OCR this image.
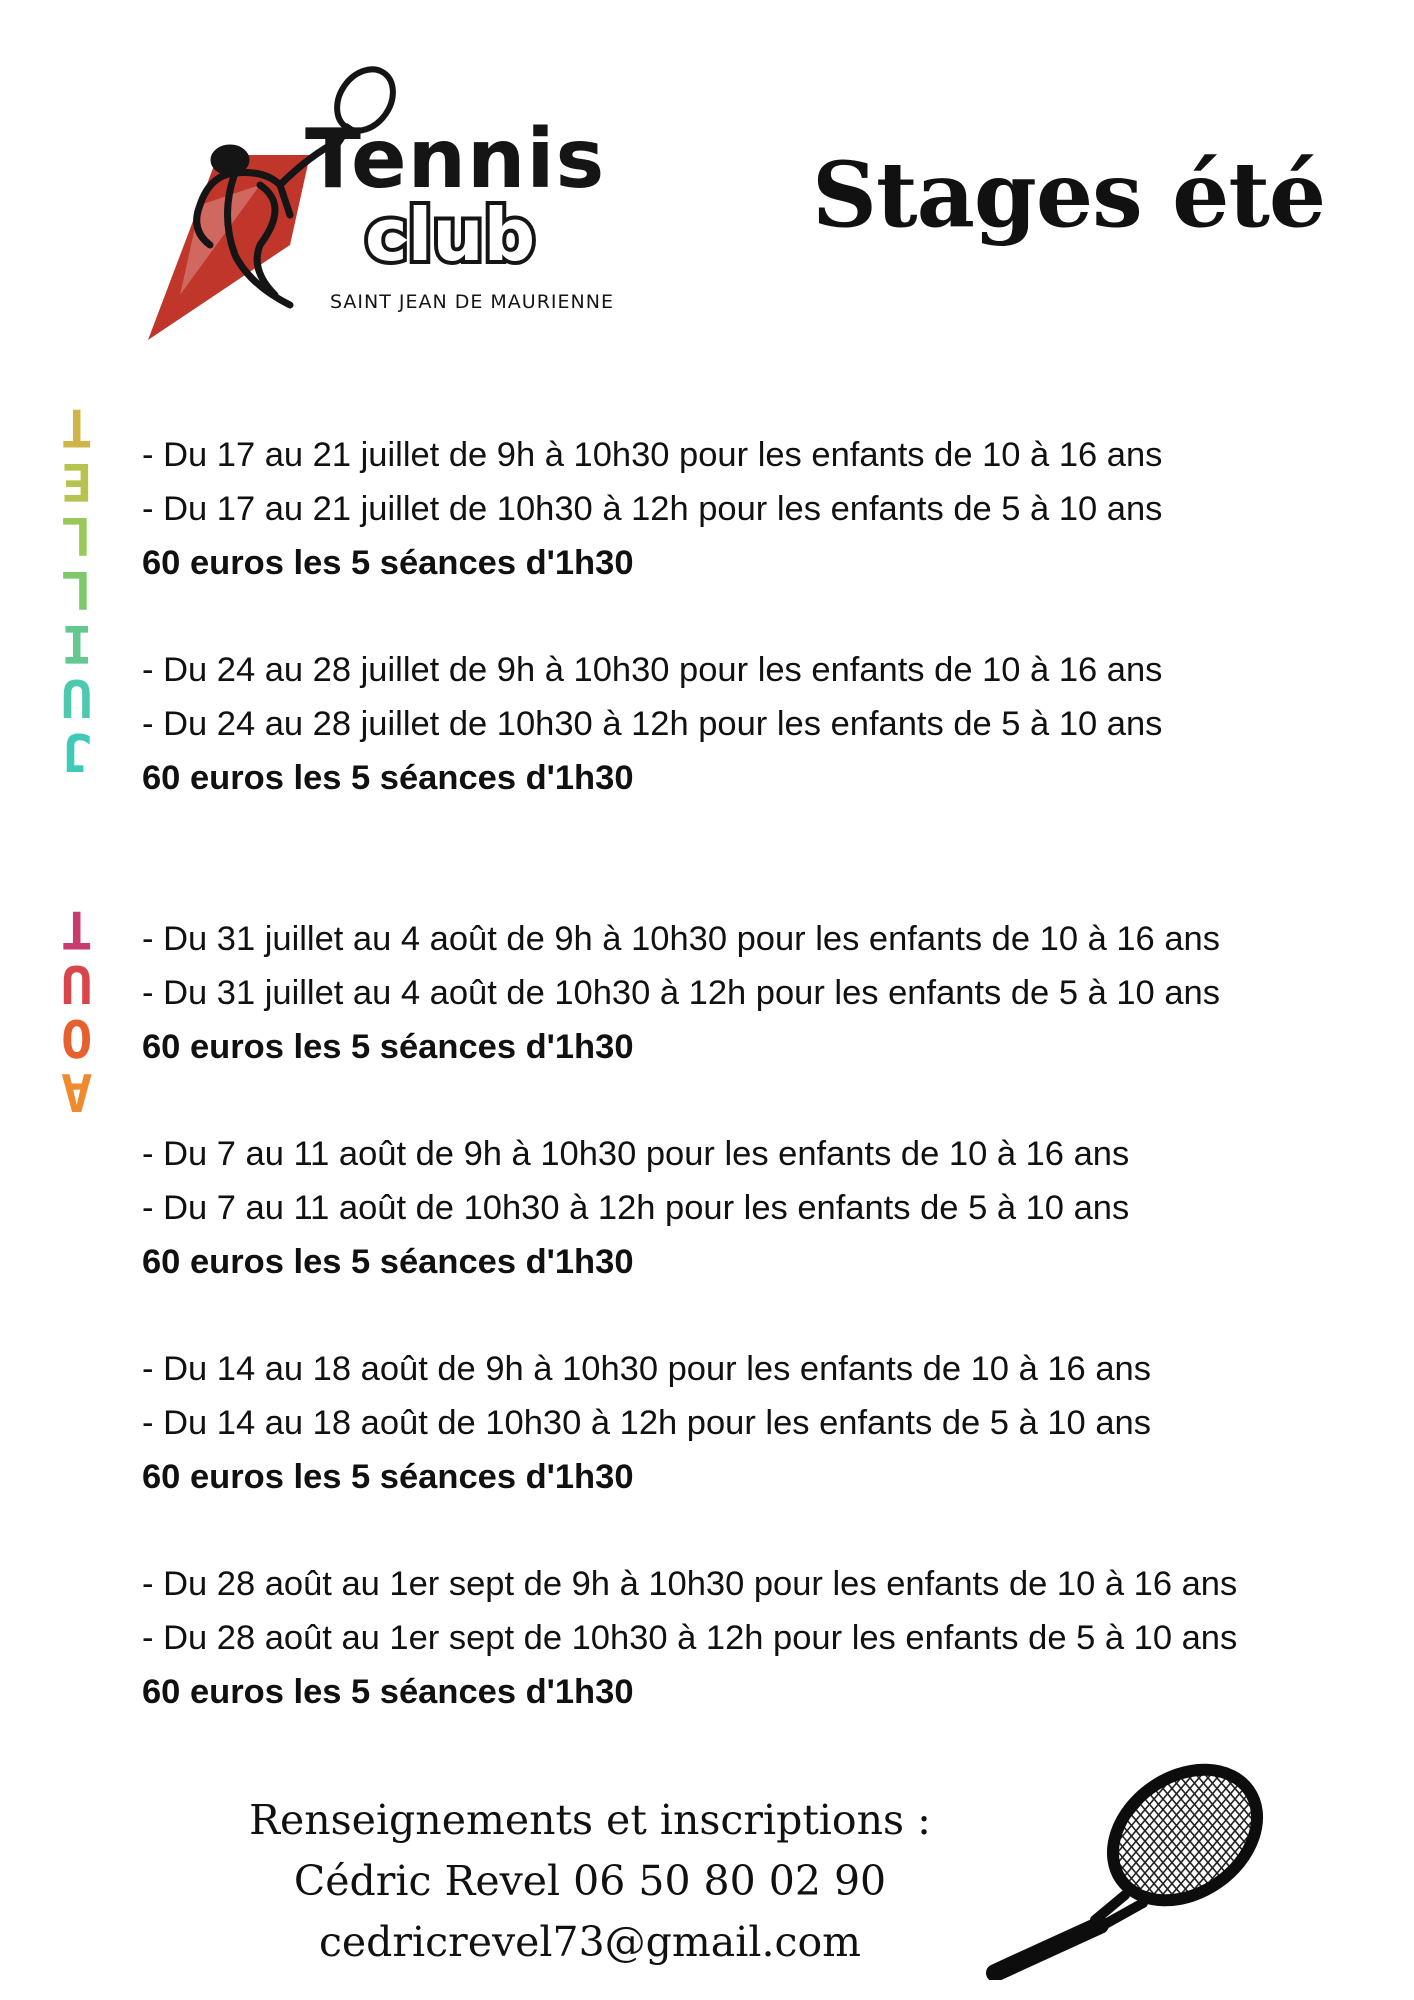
Tennis
club
SAINT JEAN DE MAURIENNE
Stages été
T
E
L
L
I
U
J
T
U
O
A
- Du 17 au 21 juillet de 9h à 10h30 pour les enfants de 10 à 16 ans
- Du 17 au 21 juillet de 10h30 à 12h pour les enfants de 5 à 10 ans
60 euros les 5 séances d'1h30
- Du 24 au 28 juillet de 9h à 10h30 pour les enfants de 10 à 16 ans
- Du 24 au 28 juillet de 10h30 à 12h pour les enfants de 5 à 10 ans
60 euros les 5 séances d'1h30
- Du 31 juillet au 4 août de 9h à 10h30 pour les enfants de 10 à 16 ans
- Du 31 juillet au 4 août de 10h30 à 12h pour les enfants de 5 à 10 ans
60 euros les 5 séances d'1h30
- Du 7 au 11 août de 9h à 10h30 pour les enfants de 10 à 16 ans
- Du 7 au 11 août de 10h30 à 12h pour les enfants de 5 à 10 ans
60 euros les 5 séances d'1h30
- Du 14 au 18 août de 9h à 10h30 pour les enfants de 10 à 16 ans
- Du 14 au 18 août de 10h30 à 12h pour les enfants de 5 à 10 ans
60 euros les 5 séances d'1h30
- Du 28 août au 1er sept de 9h à 10h30 pour les enfants de 10 à 16 ans
- Du 28 août au 1er sept de 10h30 à 12h pour les enfants de 5 à 10 ans
60 euros les 5 séances d'1h30
Renseignements et inscriptions :
Cédric Revel 06 50 80 02 90
cedricrevel73@gmail.com
